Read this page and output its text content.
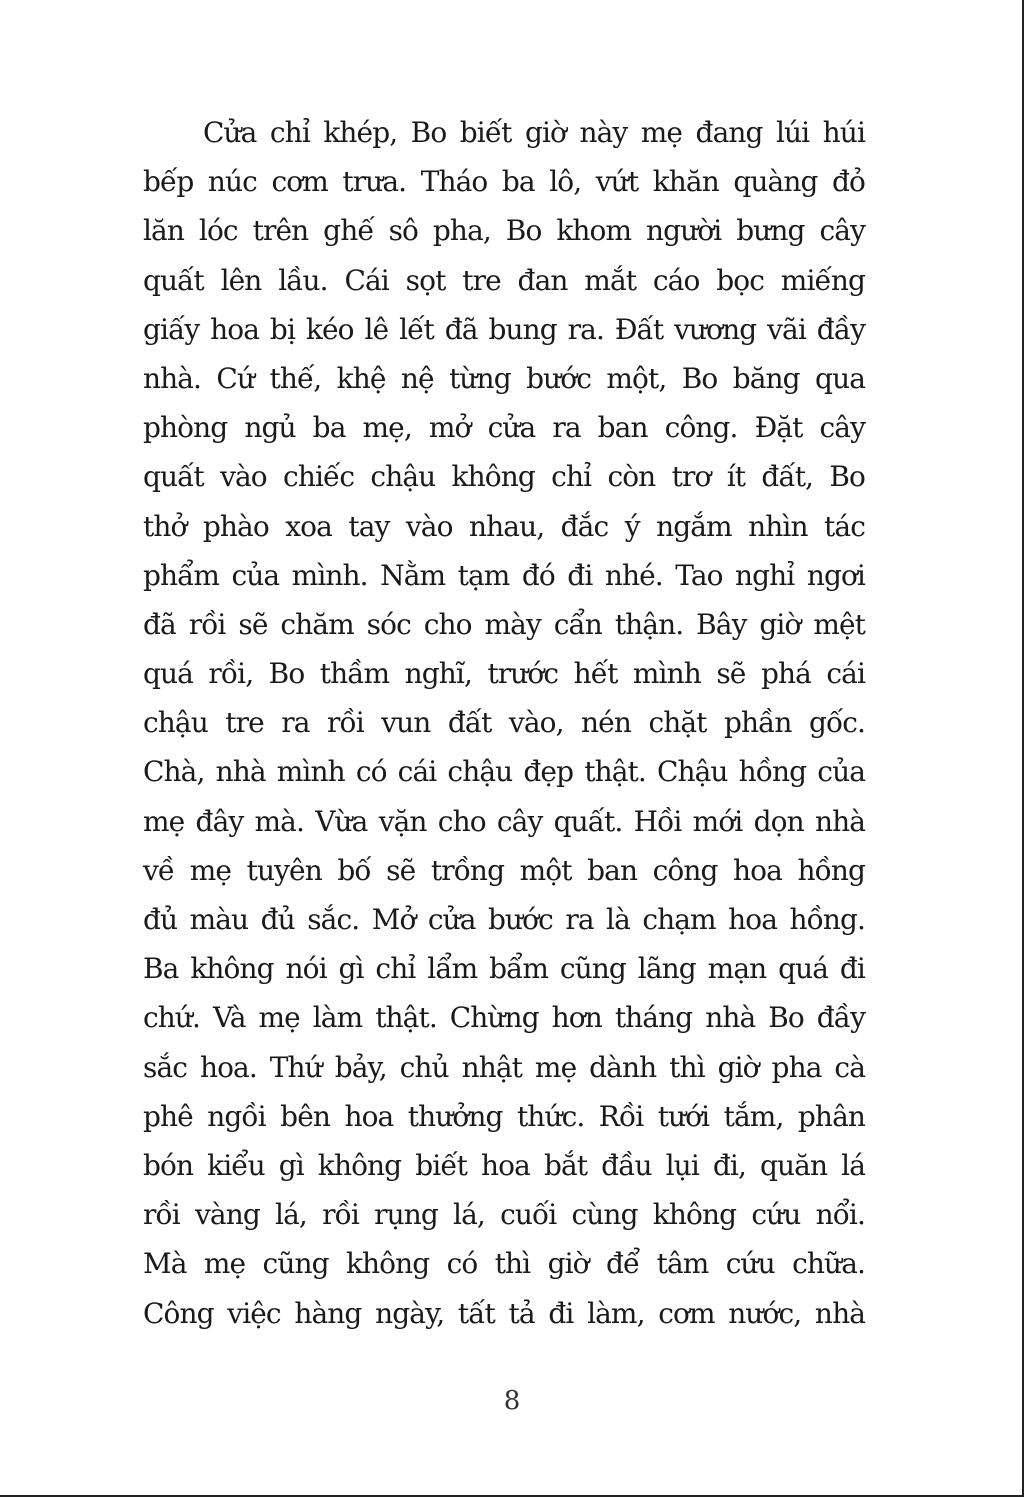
Cửa chỉ khép, Bo biết giờ này mẹ đang lúi húi
bếp núc cơm trưa. Tháo ba lô, vứt khăn quàng đỏ
lăn lóc trên ghế sô pha, Bo khom người bưng cây
quất lên lầu. Cái sọt tre đan mắt cáo bọc miếng
giấy hoa bị kéo lê lết đã bung ra. Đất vương vãi đầy
nhà. Cứ thế, khệ nệ từng bước một, Bo băng qua
phòng ngủ ba mẹ, mở cửa ra ban công. Đặt cây
quất vào chiếc chậu không chỉ còn trơ ít đất, Bo
thở phào xoa tay vào nhau, đắc ý ngắm nhìn tác
phẩm của mình. Nằm tạm đó đi nhé. Tao nghỉ ngơi
đã rồi sẽ chăm sóc cho mày cẩn thận. Bây giờ mệt
quá rồi, Bo thầm nghĩ, trước hết mình sẽ phá cái
chậu tre ra rồi vun đất vào, nén chặt phần gốc.
Chà, nhà mình có cái chậu đẹp thật. Chậu hồng của
mẹ đây mà. Vừa vặn cho cây quất. Hồi mới dọn nhà
về mẹ tuyên bố sẽ trồng một ban công hoa hồng
đủ màu đủ sắc. Mở cửa bước ra là chạm hoa hồng.
Ba không nói gì chỉ lẩm bẩm cũng lãng mạn quá đi
chứ. Và mẹ làm thật. Chừng hơn tháng nhà Bo đầy
sắc hoa. Thứ bảy, chủ nhật mẹ dành thì giờ pha cà
phê ngồi bên hoa thưởng thức. Rồi tưới tắm, phân
bón kiểu gì không biết hoa bắt đầu lụi đi, quăn lá
rồi vàng lá, rồi rụng lá, cuối cùng không cứu nổi.
Mà mẹ cũng không có thì giờ để tâm cứu chữa.
Công việc hàng ngày, tất tả đi làm, cơm nước, nhà
8
